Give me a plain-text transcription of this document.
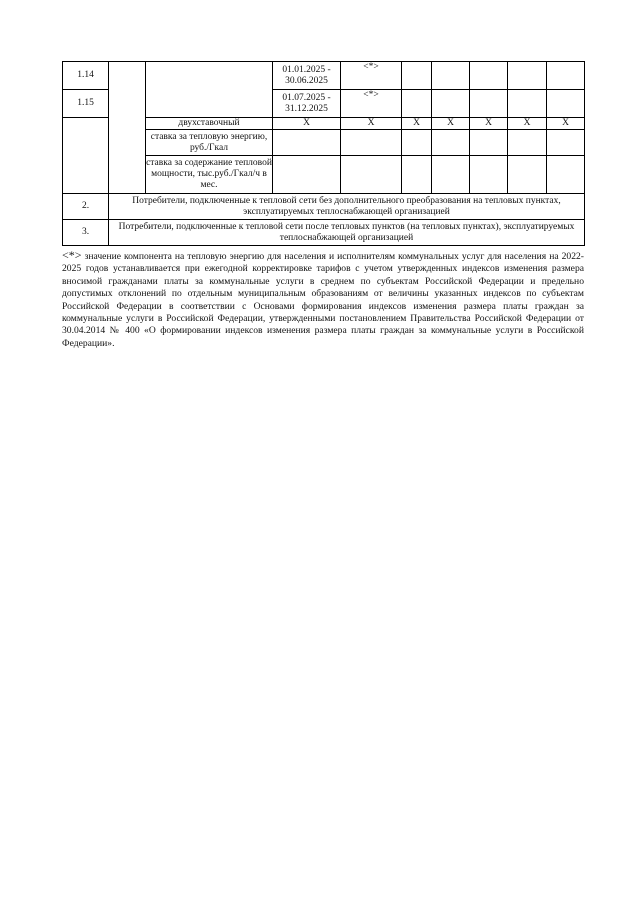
1.14			01.01.2025 - 30.06.2025	<*>					
1.15			01.07.2025 - 31.12.2025	<*>					
		двухставочный	X	X	X	X	X	X	X
		ставка за тепловую энергию, руб./Гкал							
		ставка за содержание тепловой мощности, тыс.руб./Гкал/ч в мес.							
2.	Потребители, подключенные к тепловой сети без дополнительного преобразования на тепловых пунктах, эксплуатируемых теплоснабжающей организацией								
3.	Потребители, подключенные к тепловой сети после тепловых пунктов (на тепловых пунктах), эксплуатируемых теплоснабжающей организацией								
<*> значение компонента на тепловую энергию для населения и исполнителям коммунальных услуг для населения на 2022-2025 годов устанавливается при ежегодной корректировке тарифов с учетом утвержденных индексов изменения размера вносимой гражданами платы за коммунальные услуги в среднем по субъектам Российской Федерации и предельно допустимых отклонений по отдельным муниципальным образованиям от величины указанных индексов по субъектам Российской Федерации в соответствии с Основами формирования индексов изменения размера платы граждан за коммунальные услуги в Российской Федерации, утвержденными постановлением Правительства Российской Федерации от 30.04.2014 № 400 «О формировании индексов изменения размера платы граждан за коммунальные услуги в Российской Федерации».
